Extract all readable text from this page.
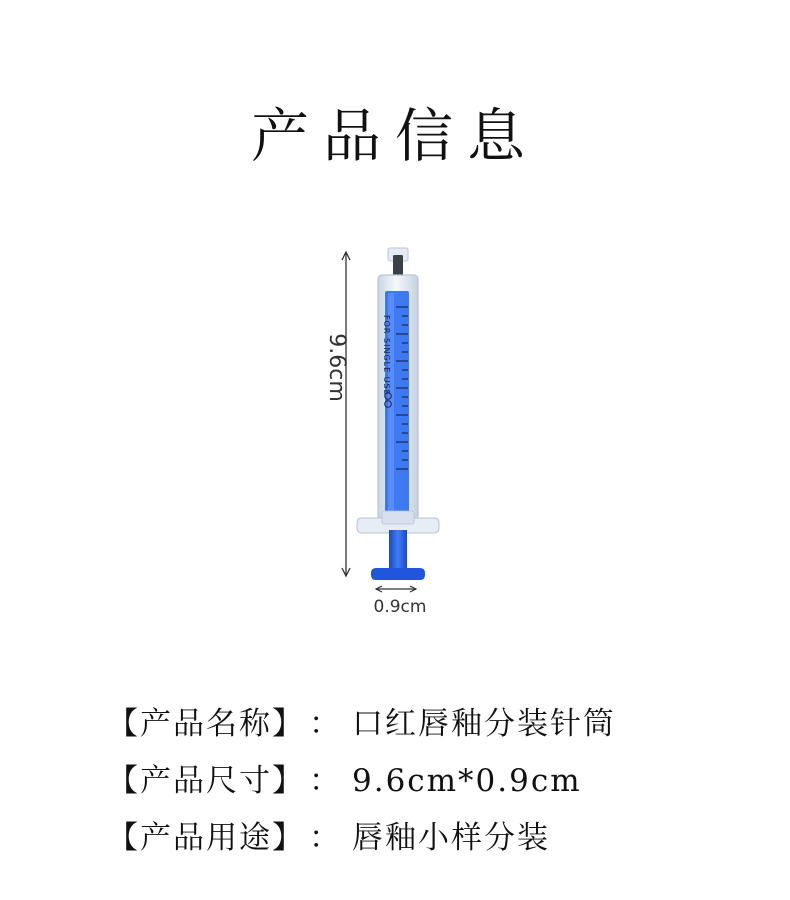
产品信息
FOR SINGLE USE
9.6cm
0.9cm
【产品名称】 ： 口红唇釉分装针筒
【产品尺寸】 ： 9.6cm*0.9cm
【产品用途】 ： 唇釉小样分装
